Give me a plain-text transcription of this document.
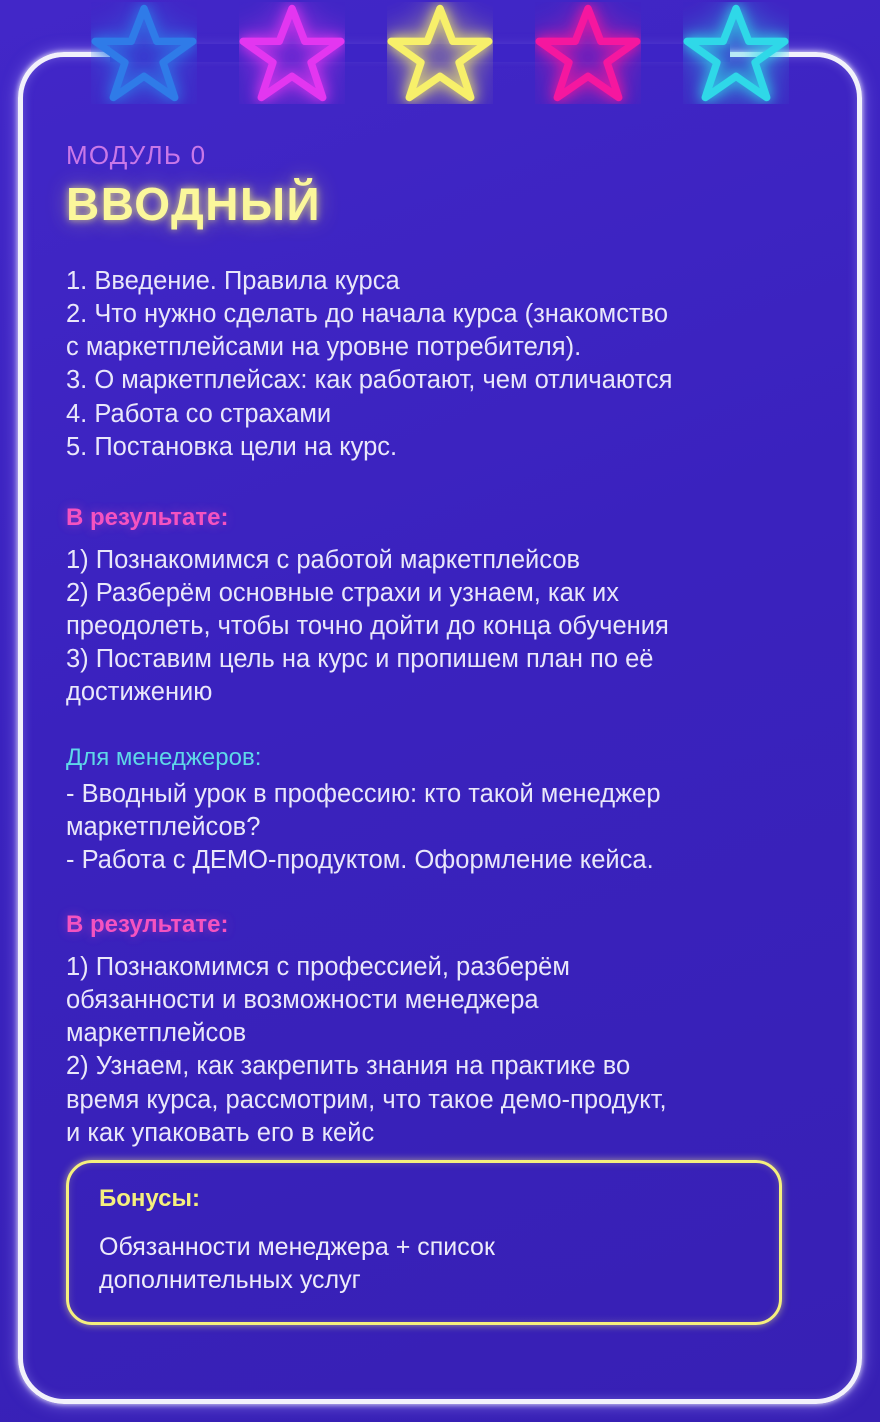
МОДУЛЬ 0

ВВОДНЫЙ
1. Введение. Правила курса
2. Что нужно сделать до начала курса (знакомство
с маркетплейсами на уровне потребителя).
3. О маркетплейсах: как работают, чем отличаются
4. Работа со страхами
5. Постановка цели на курс.

В результате:

1) Познакомимся с работой маркетплейсов
2) Разберём основные страхи и узнаем, как их
преодолеть, чтобы точно дойти до конца обучения
3) Поставим цель на курс и пропишем план по её
достижению

Для менеджеров:

- Вводный урок в профессию: кто такой менеджер
маркетплейсов?
- Работа с ДЕМО-продуктом. Оформление кейса.

В результате:

1) Познакомимся с профессией, разберём
обязанности и возможности менеджера
маркетплейсов
2) Узнаем, как закрепить знания на практике во
время курса, рассмотрим, что такое демо-продукт,
и как упаковать его в кейс

Бонусы:

Обязанности менеджера + список
дополнительных услуг
